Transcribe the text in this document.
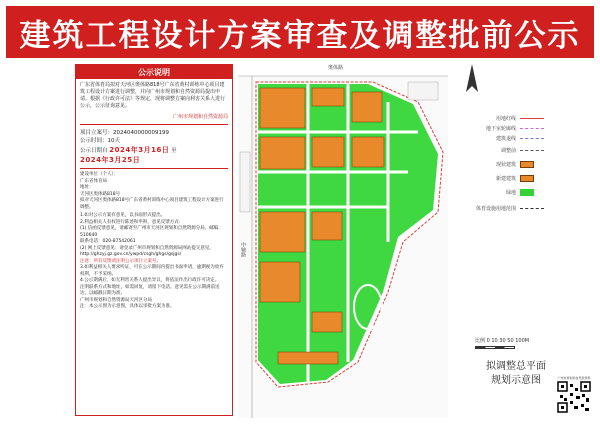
建筑工程设计方案审查及调整批前公示
公示说明
广东省体育局拟对天河区奥体路818号广东省黄村训练中心项目建筑工程设计方案进行调整，并向广州市规划和自然资源局提出申请。根据《行政许可法》等规定，现将调整方案向利害关系人进行公示，公示征询意见。
广州市规划和自然资源局
项目立案号：2024040000009199
公示时间：10天
公示日期自 2024年3月16日 至
2024年3月25日
建设单位（个人）：
广东省体育局
地址：
天河区奥体路818号
拟对天河区奥体路818号广东省黄村训练中心项目建筑工程设计方案进行调整。
1.如对公示方案有意见，以书面形式提出。
2.利益相关人有权进行陈述和申辩，意见反馈方式：
(1) 信函反馈意见，请邮寄至广州市天河区规划和自然资源分局，邮编：510640
联系电话：020-87542061
(2) 网上反馈意见：请登录广州市规划和自然资源局网站提交意见。
http://ghzyj.gz.gov.cn/ywpd/csgh/ghgs/gsjgs/
注意：所有反馈请注明公示项目立案号。
3.如利益相关人要求听证，可在公示期间内提出书面申请，逾期视为放弃权利，不予采纳。
4.公示期满后，如无利害关系人提出异议，将依法作出行政许可决定。
注明联系方式和地址，如需回复，请留下电话。意见需在公示期满前送达，以邮戳日期为准。
广州市规划和自然资源局天河区分局
注：本公示图为示意图，具体以审批方案为准。
奥体路
中轴路
用地红线
地下室轮廓线
建筑退线
调整前
现状建筑
新建建筑
绿地
体育设施用地范围
比例 0 10 30 50 100M
拟调整总平面
规划示意图	广州市规划和自然资源局
